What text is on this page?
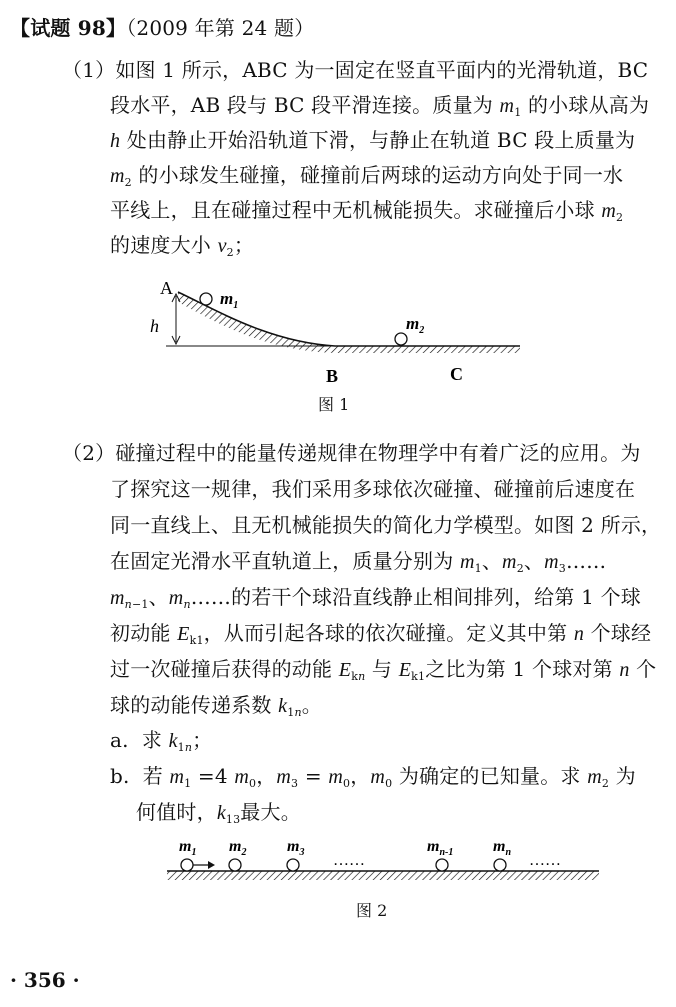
【试题 98】（2009 年第 24 题）
（1）如图 1 所示，ABC 为一固定在竖直平面内的光滑轨道，BC
段水平，AB 段与 BC 段平滑连接。质量为 $m_1$ 的小球从高为
h 处由静止开始沿轨道下滑，与静止在轨道 BC 段上质量为
$m_2$ 的小球发生碰撞，碰撞前后两球的运动方向处于同一水
平线上，且在碰撞过程中无机械能损失。求碰撞后小球 $m_2$
的速度大小 $v_2$；
A
h
$m_1$
$m_2$
B	C
图 1
（2）碰撞过程中的能量传递规律在物理学中有着广泛的应用。为
了探究这一规律，我们采用多球依次碰撞、碰撞前后速度在
同一直线上、且无机械能损失的简化力学模型。如图 2 所示，
在固定光滑水平直轨道上，质量分别为 $m_1$、$m_2$、$m_3\dots\dots$
$m_{n-1}$、$m_n\dots\dots$的若干个球沿直线静止相间排列，给第 1 个球
初动能 $E_{k1}$，从而引起各球的依次碰撞。定义其中第 n 个球经
过一次碰撞后获得的动能 $E_{kn}$ 与 $E_{k1}$之比为第 1 个球对第 n 个
球的动能传递系数 $k_{1n}$。
a. 求 $k_{1n}$；
b. 若 $m_1 =4$ $m_0$，$m_3 = m_0$，$m_0$ 为确定的已知量。求 $m_2$ 为
何值时，$k_{13}$最大。
$m_1$ $m_2$	$m_3$	$m_{n-1}$ $m_n$
……	……
图 2
· 356 ·
